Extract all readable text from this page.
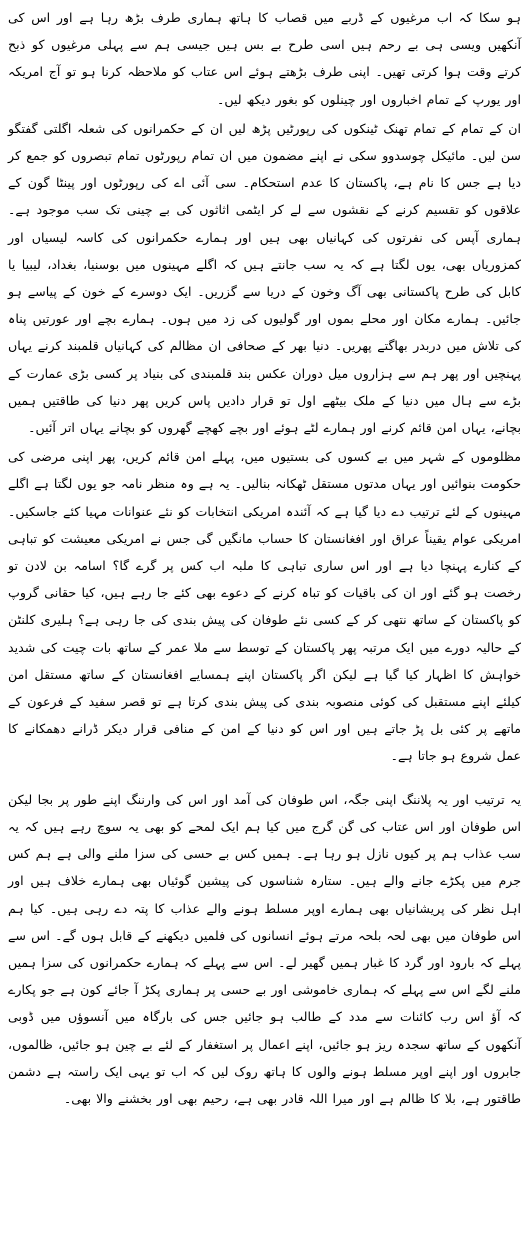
ہو سکا کہ اب مرغیوں کے ڈربے میں قصاب کا ہاتھ ہماری طرف بڑھ رہا ہے اور اس کی آنکھیں ویسی ہی بے رحم ہیں اسی طرح بے بس ہیں جیسی ہم سے پہلی مرغیوں کو ذبح کرتے وقت ہوا کرتی تھیں۔ اپنی طرف بڑھتے ہوئے اس عتاب کو ملاحظہ کرنا ہو تو آج امریکہ اور یورپ کے تمام اخباروں اور چینلوں کو بغور دیکھ لیں۔

ان کے تمام کے تمام تھنک ٹینکوں کی رپورٹیں پڑھ لیں ان کے حکمرانوں کی شعلہ اگلتی گفتگو سن لیں۔ مائیکل چوسدوو سکی نے اپنے مضمون میں ان تمام رپورٹوں تمام تبصروں کو جمع کر دیا ہے جس کا نام ہے، پاکستان کا عدم استحکام۔ سی آئی اے کی رپورٹوں اور پینٹا گون کے علاقوں کو تقسیم کرنے کے نقشوں سے لے کر ایٹمی اثاثوں کی بے چینی تک سب موجود ہے۔ ہماری آپس کی نفرتوں کی کہانیاں بھی ہیں اور ہمارے حکمرانوں کی کاسہ لیسیاں اور کمزوریاں بھی، یوں لگتا ہے کہ یہ سب جانتے ہیں کہ اگلے مہینوں میں بوسنیا، بغداد، لیبیا یا کابل کی طرح پاکستانی بھی آگ وخون کے دریا سے گزریں۔ ایک دوسرے کے خون کے پیاسے ہو جائیں۔ ہمارے مکان اور محلے بموں اور گولیوں کی زد میں ہوں۔ ہمارے بچے اور عورتیں پناہ کی تلاش میں دربدر بھاگتے پھریں۔ دنیا بھر کے صحافی ان مظالم کی کہانیاں قلمبند کرنے یہاں پہنچیں اور پھر ہم سے ہزاروں میل دوران عکس بند قلمبندی کی بنیاد پر کسی بڑی عمارت کے بڑے سے ہال میں دنیا کے ملک بیٹھے اول تو قرار دادیں پاس کریں پھر دنیا کی طاقتیں ہمیں بچانے، یہاں امن قائم کرنے اور ہمارے لٹے ہوئے اور بچے کھچے گھروں کو بچانے یہاں اتر آئیں۔

مظلوموں کے شہر میں بے کسوں کی بستیوں میں، پہلے امن قائم کریں، پھر اپنی مرضی کی حکومت بنوائیں اور یہاں مدتوں مستقل ٹھکانہ بنالیں۔ یہ ہے وہ منظر نامہ جو یوں لگتا ہے اگلے مہینوں کے لئے ترتیب دے دیا گیا ہے کہ آئندہ امریکی انتخابات کو نئے عنوانات مہیا کئے جاسکیں۔ امریکی عوام یقیناً عراق اور افغانستان کا حساب مانگیں گی جس نے امریکی معیشت کو تباہی کے کنارے پہنچا دیا ہے اور اس ساری تباہی کا ملبہ اب کس پر گرے گا؟ اسامہ بن لادن تو رخصت ہو گئے اور ان کی باقیات کو تباہ کرنے کے دعوے بھی کئے جا رہے ہیں، کیا حقانی گروپ کو پاکستان کے ساتھ نتھی کر کے کسی نئے طوفان کی پیش بندی کی جا رہی ہے؟ ہلیری کلنٹن کے حالیہ دورے میں ایک مرتبہ پھر پاکستان کے توسط سے ملا عمر کے ساتھ بات چیت کی شدید خواہش کا اظہار کیا گیا ہے لیکن اگر پاکستان اپنے ہمسایے افغانستان کے ساتھ مستقل امن کیلئے اپنے مستقبل کی کوئی منصوبہ بندی کی پیش بندی کرتا ہے تو قصر سفید کے فرعون کے ماتھے پر کئی بل پڑ جاتے ہیں اور اس کو دنیا کے امن کے منافی قرار دیکر ڈرانے دھمکانے کا عمل شروع ہو جاتا ہے۔

یہ ترتیب اور یہ پلاننگ اپنی جگہ، اس طوفان کی آمد اور اس کی وارننگ اپنے طور پر بجا لیکن اس طوفان اور اس عتاب کی گن گرج میں کیا ہم ایک لمحے کو بھی یہ سوچ رہے ہیں کہ یہ سب عذاب ہم پر کیوں نازل ہو رہا ہے۔ ہمیں کس بے حسی کی سزا ملنے والی ہے ہم کس جرم میں پکڑے جانے والے ہیں۔ ستارہ شناسوں کی پیشین گوئیاں بھی ہمارے خلاف ہیں اور اہل نظر کی پریشانیاں بھی ہمارے اوپر مسلط ہونے والے عذاب کا پتہ دے رہی ہیں۔ کیا ہم اس طوفان میں بھی لحہ بلحہ مرتے ہوئے انسانوں کی فلمیں دیکھنے کے قابل ہوں گے۔ اس سے پہلے کہ بارود اور گرد کا غبار ہمیں گھیر لے۔ اس سے پہلے کہ ہمارے حکمرانوں کی سزا ہمیں ملنے لگے اس سے پہلے کہ ہماری خاموشی اور بے حسی پر ہماری پکڑ آ جائے کون ہے جو پکارے کہ آؤ اس رب کائنات سے مدد کے طالب ہو جائیں جس کی بارگاہ میں آنسوؤں میں ڈوبی آنکھوں کے ساتھ سجدہ ریز ہو جائیں، اپنے اعمال پر استغفار کے لئے بے چین ہو جائیں، ظالموں، جابروں اور اپنے اوپر مسلط ہونے والوں کا ہاتھ روک لیں کہ اب تو یہی ایک راستہ ہے دشمن طاقتور ہے، بلا کا ظالم ہے اور میرا اللہ قادر بھی ہے، رحیم بھی اور بخشنے والا بھی۔
